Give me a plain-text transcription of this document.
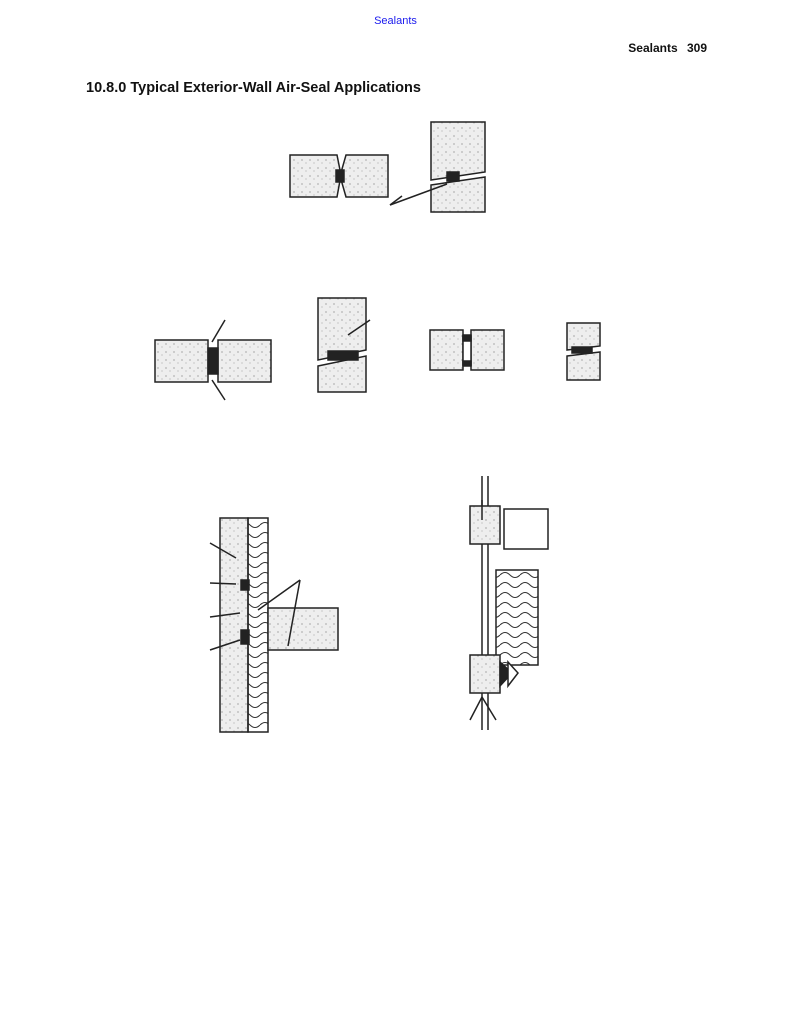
Sealants
Sealants 309
10.8.0 Typical Exterior-Wall Air-Seal Applications
